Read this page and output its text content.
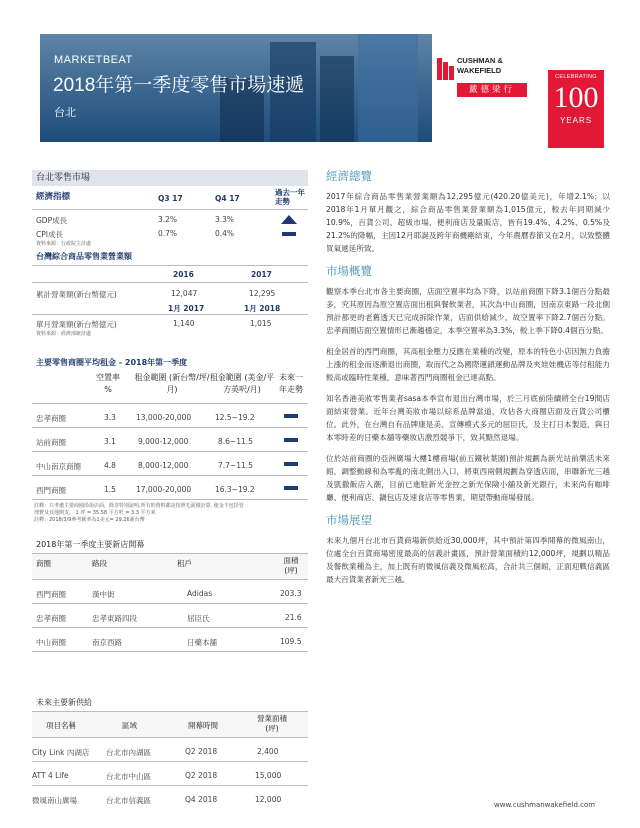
MARKETBEAT
2018年第一季度零售市場速遞
台北
CUSHMAN &
WAKEFIELD
戴德梁行
CELEBRATING
100
YEARS
台北零售市場
經濟指標	Q3 17	Q4 17
過去一年走勢
GDP成長	3.2%	3.3%
CPI成長	0.7%	0.4%
資料來源：行政院主計處
台灣綜合商品零售業營業額
2016	2017
累計營業額(新台幣億元)	12,047	12,295
1月 2017	1月 2018
單月營業額(新台幣億元)	1,140	1,015
資料來源：經濟部統計處
主要零售商圈平均租金 - 2018年第一季度
空置率 %
租金範圍 (新台幣/坪/月)
租金範圍 (美金/平方英呎/月)
未來一年走勢
忠孝商圈	3.3	13,000-20,000	12.5~19.2
站前商圈	3.1	9,000-12,000	8.6~11.5
中山南京商圈	4.8	8,000-12,000	7.7~11.5
西門商圈	1.5	17,000-20,000	16.3~19.2
註釋：只考慮主要商圈沿街店面，除非特別說明,所有的資料都是按照毛面積計算. 租金不包括管
理費及其他開支。 1 坪 = 35.58 平方呎 = 3.3 平方米
註釋：2018/3/9參考匯率為1美元= 29.26新台幣
2018年第一季度主要新店開幕
商圈	路段	租戶	面積 (坪)
西門商圈	漢中街	Adidas	203.3
忠孝商圈	忠孝東路四段	屈臣氏	21.6
中山商圈	南京西路	日藥本舖	109.5
未來主要新供給
項目名稱	區域	開幕時間
營業面積 (坪)
City Link 內湖店 台北市內湖區	Q2 2018	2,400
ATT 4 Life	台北市中山區	Q2 2018	15,000
微風南山廣場	台北市信義區	Q4 2018	12,000
經濟總覽
2017年綜合商品零售業營業額為12,295億元(420.20億美元)，年增2.1%；以2018年1月單月觀之，綜合商品零售業營業額為1,015億元，較去年同期減少10.9%，百貨公司、超級市場、便利商店及量販店，皆有19.4%、4.2%、0.5%及21.2%的降幅，主因12月耶誕及跨年商機剛結束，今年農曆春節又在2月，以致整體買氣遞延所致。
市場概覽
觀察本季台北市各主要商圈，店面空置率均為下降，以站前商圈下降3.1個百分點最多，究其原因為原空置店面出租與餐飲業者，其次為中山商圈，因南京東路一段北側預計都更的老舊透天已完成拆除作業，店面供給減少，故空置率下降2.7個百分點。忠孝商圈店面空置情形已漸趨穩定，本季空置率為3.3%，較上季下降0.4個百分點。
租金居首的西門商圈，其高租金壓力反應在業種的改變，原本的特色小店因無力負擔上漲的租金而逐漸退出商圈，取而代之為國際運鎖運動品牌及夾娃娃機店等付租能力較高或臨時性業種，意味著西門商圈租金已達高點。
知名香港美妝零售業者sasa本季宣布退出台灣市場，於三月底前陸續將全台19間店面結束營業。近年台灣美妝市場以綜系品牌當道，攻佔各大商圈店面及百貨公司櫃位。此外，在台灣自有品牌康是美、宣傳模式多元的屈臣氏，及主打日本製造，與日本零時差的日藥本舖等藥妝店激烈競爭下，致其黯然退場。
位於站前商圈的亞洲廣場大樓1樓商場(前五鐵秋葉園)預計規劃為新光站前樂活未來館，調整動線和為零亂的南北側出入口，將東西兩側規劃為穿透店面，串聯新光三越及凱撒飯店入潮，目前已進駐新光金控之新光保險小舖及新光銀行，未來尚有咖啡廳、便利商店、鍋包店及速食店等零售業，期望帶動商場發展。
市場展望
未來九個月台北市百貨商場新供給近30,000坪，其中預計第四季開幕的微風南山，位處全台百貨商場密度最高的信義計畫區，預計營業面積約12,000坪，規劃以精品及餐飲業種為主，加上既有的微風信義及微風松高，合計共三個館，正面迎戰信義區最大百貨業者新光三越。
www.cushmanwakefield.com
